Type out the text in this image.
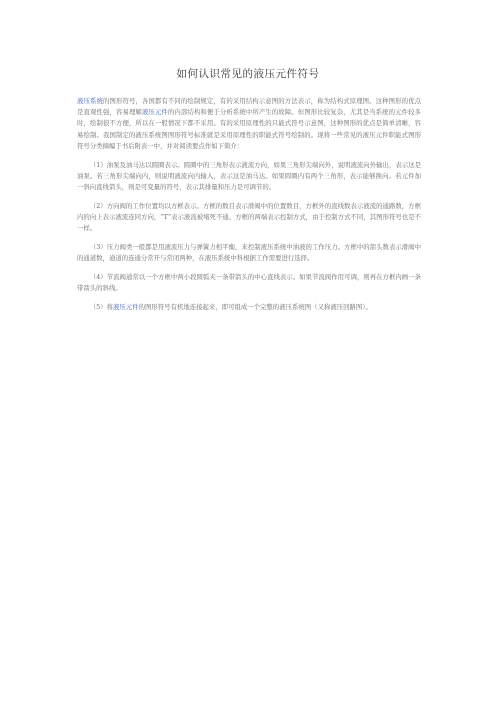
如何认识常见的液压元件符号

液压系统的图形符号，各国都有不同的绘制规定，有的采用结构示意图的方法表示，称为结构式原理图。这种图形的优点是直观性强，容易理解液压元件的内部结构和便于分析系统中所产生的故障。但图形比较复杂，尤其是当系统的元件较多时，绘制很不方便，所以在一般情况下都不采用。有的采用原理性的只能式符号示意图，这种图形的优点是简单清晰，容易绘制。我国制定的液压系统图图形符号标准就是采用原理性的职能式符号绘制的。现将一些常见的液压元件职能式图形符号分类摘编于书后附表一中，并对阅读要点作如下简介：

（1）油泵及油马达以圆圈表示。圆圈中的三角形表示液流方向，如果三角形尖端向外，说明液流向外输出，表示这是油泵。若三角形尖端向内，则说明液流向内输入，表示这是油马达。如果圆圈内有两个三角形，表示能够换向。若元件加一斜向直线箭头，则是可变量的符号，表示其排量和压力是可调节的。

（2）方向阀的工作位置均以方框表示。方框的数目表示滑阀中的位置数目，方框外的直线数表示液流的通路数，方框内的向上表示液流连同方向，“T”表示液流被堵死不通。方框的两端表示控制方式，由于控制方式不同，其图形符号也是不一样。

（3）压力阀类一般都是用液流压力与弹簧力相平衡，来控制液压系统中油液的工作压力。方框中的箭头数表示滑阀中的通道数，通道的连通分常开与常闭两种，在液压系统中科根据工作需要进行选择。

（4）节流阀通常以一个方框中两小段圆弧夹一条带箭头的中心直线表示。如果节流阀作用可调，则再在方框内画一条带箭头的斜线。

（5）将液压元件的图形符号有机地连接起来，即可组成一个完整的液压系统图（又称液压回路图）。
